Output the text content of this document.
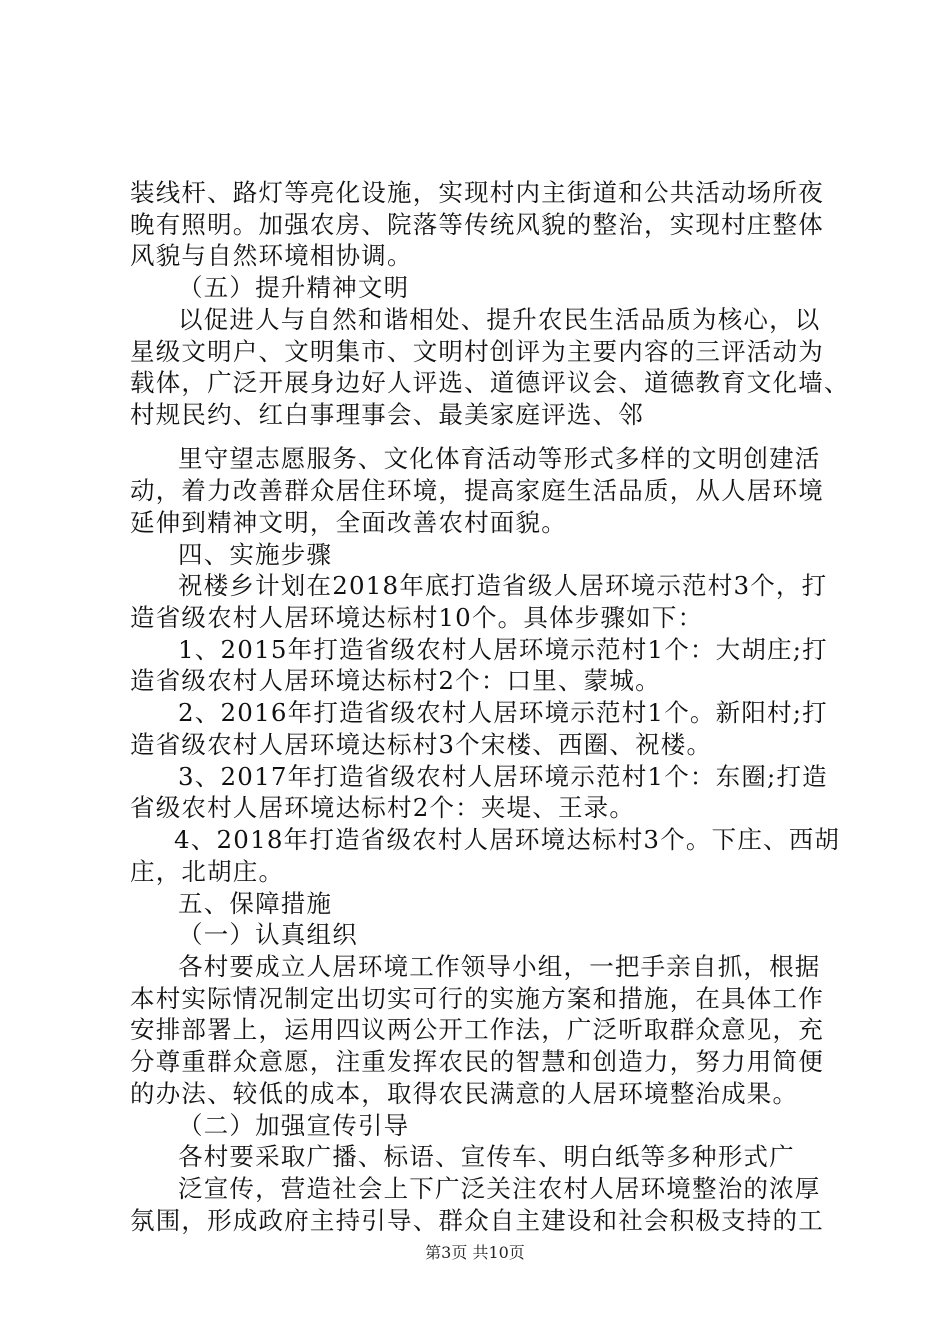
装线杆、路灯等亮化设施，实现村内主街道和公共活动场所夜
晚有照明。加强农房、院落等传统风貌的整治，实现村庄整体
风貌与自然环境相协调。
（五）提升精神文明
以促进人与自然和谐相处、提升农民生活品质为核心，以
星级文明户、文明集市、文明村创评为主要内容的三评活动为
载体，广泛开展身边好人评选、道德评议会、道德教育文化墙、
村规民约、红白事理事会、最美家庭评选、邻
里守望志愿服务、文化体育活动等形式多样的文明创建活
动，着力改善群众居住环境，提高家庭生活品质，从人居环境
延伸到精神文明，全面改善农村面貌。
四、实施步骤
祝楼乡计划在2018年底打造省级人居环境示范村3个，打
造省级农村人居环境达标村10个。具体步骤如下：
1、2015年打造省级农村人居环境示范村1个：大胡庄;打
造省级农村人居环境达标村2个：口里、蒙城。
2、2016年打造省级农村人居环境示范村1个。新阳村;打
造省级农村人居环境达标村3个宋楼、西圈、祝楼。
3、2017年打造省级农村人居环境示范村1个：东圈;打造
省级农村人居环境达标村2个：夹堤、王录。
4、2018年打造省级农村人居环境达标村3个。下庄、西胡
庄，北胡庄。
五、保障措施
（一）认真组织
各村要成立人居环境工作领导小组，一把手亲自抓，根据
本村实际情况制定出切实可行的实施方案和措施，在具体工作
安排部署上，运用四议两公开工作法，广泛听取群众意见，充
分尊重群众意愿，注重发挥农民的智慧和创造力，努力用简便
的办法、较低的成本，取得农民满意的人居环境整治成果。
（二）加强宣传引导
各村要采取广播、标语、宣传车、明白纸等多种形式广
泛宣传，营造社会上下广泛关注农村人居环境整治的浓厚
氛围，形成政府主持引导、群众自主建设和社会积极支持的工
第3页 共10页
